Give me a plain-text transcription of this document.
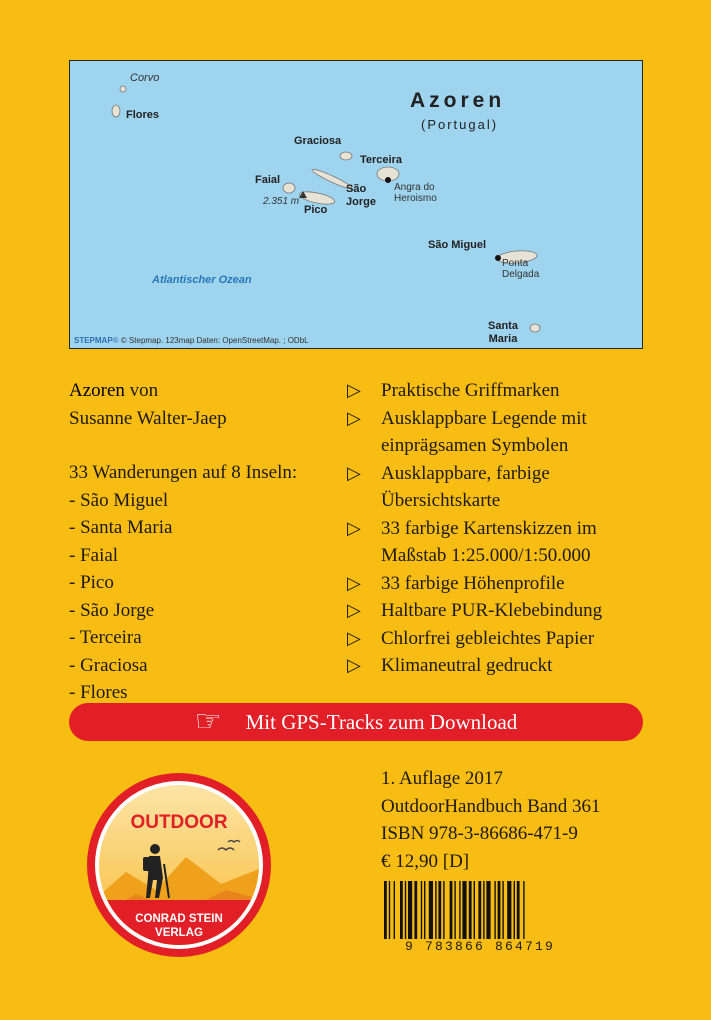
Azoren
(Portugal)
Corvo
Flores
Graciosa
Terceira
Angra do
Heroismo
Faial
2.351 m
Pico
São
Jorge
São Miguel
Ponta
Delgada
Santa
Maria
Atlantischer Ozean
STEPMAP® © Stepmap. 123map Daten: OpenStreetMap. ; ODbL
Azoren von
Susanne Walter-Jaep
33 Wanderungen auf 8 Inseln:
- São Miguel
- Santa Maria
- Faial
- Pico
- São Jorge
- Terceira
- Graciosa
- Flores
▷	Praktische Griffmarken
▷	Ausklappbare Legende mit
einprägsamen Symbolen
▷	Ausklappbare, farbige
Übersichtskarte
▷	33 farbige Kartenskizzen im
Maßstab 1:25.000/1:50.000
▷	33 farbige Höhenprofile
▷	Haltbare PUR-Klebebindung
▷	Chlorfrei gebleichtes Papier
▷	Klimaneutral gedruckt
☞ Mit GPS-Tracks zum Download
OUTDOOR
CONRAD STEIN
VERLAG
1. Auflage 2017
OutdoorHandbuch Band 361
ISBN 978-3-86686-471-9
€ 12,90 [D]
9 783866 864719
